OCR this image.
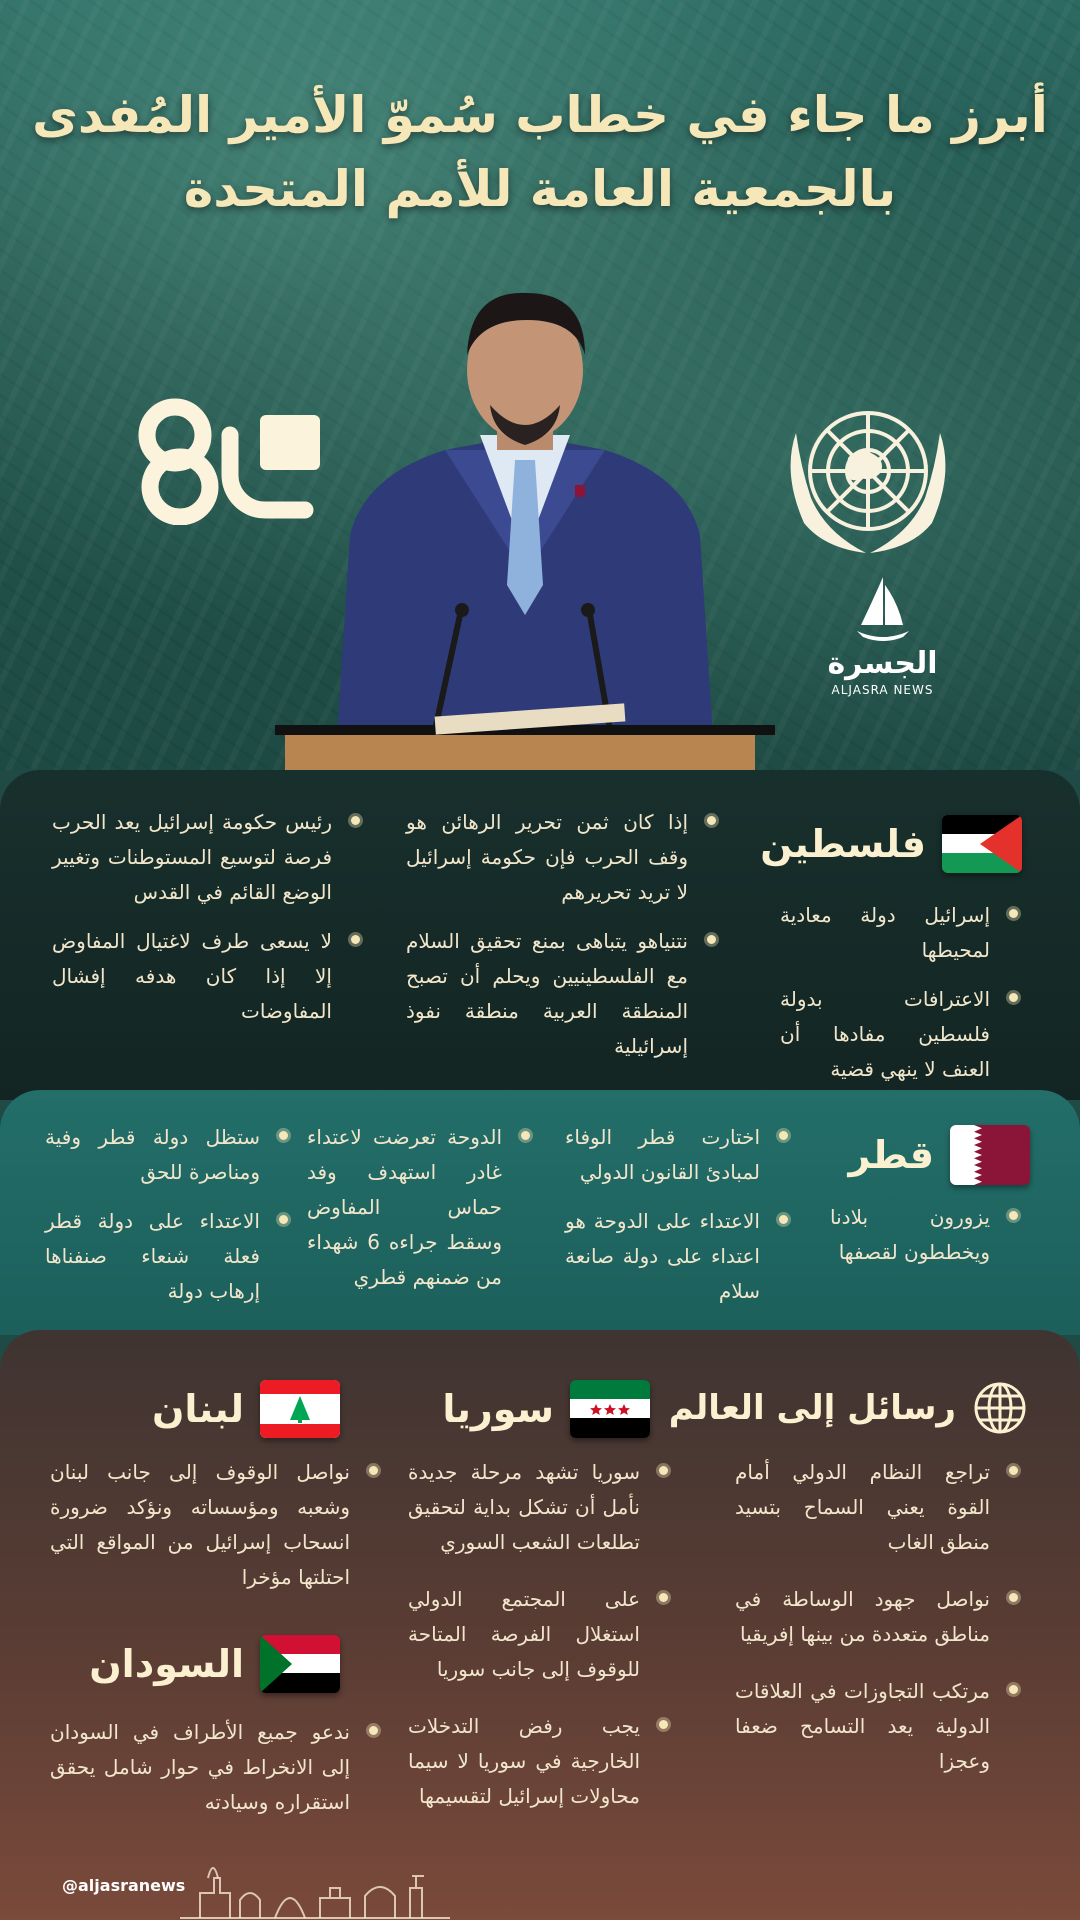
أبرز ما جاء في خطاب سُموّ الأمير المُفدى
بالجمعية العامة للأمم المتحدة
الجسرة
ALJASRA NEWS
فلسطين

إسرائيل دولة معادية لمحيطها

الاعترافات بدولة فلسطين مفادها أن العنف لا ينهي قضية

إذا كان ثمن تحرير الرهائن هو وقف الحرب فإن حكومة إسرائيل لا تريد تحريرهم

نتنياهو يتباهى بمنع تحقيق السلام مع الفلسطينيين ويحلم أن تصبح المنطقة العربية منطقة نفوذ إسرائيلية

رئيس حكومة إسرائيل يعد الحرب فرصة لتوسيع المستوطنات وتغيير الوضع القائم في القدس

لا يسعى طرف لاغتيال المفاوض إلا إذا كان هدفه إفشال المفاوضات

قطر

يزورون بلادنا ويخططون لقصفها

اختارت قطر الوفاء لمبادئ القانون الدولي

الاعتداء على الدوحة هو اعتداء على دولة صانعة سلام

الدوحة تعرضت لاعتداء غادر استهدف وفد حماس المفاوض وسقط جراءه 6 شهداء من ضمنهم قطري

ستظل دولة قطر وفية ومناصرة للحق

الاعتداء على دولة قطر فعلة شنعاء صنفناها إرهاب دولة

رسائل إلى العالم

تراجع النظام الدولي أمام القوة يعني السماح بتسيد منطق الغاب

نواصل جهود الوساطة في مناطق متعددة من بينها إفريقيا

مرتكب التجاوزات في العلاقات الدولية يعد التسامح ضعفا وعجزا

سوريا

سوريا تشهد مرحلة جديدة نأمل أن تشكل بداية لتحقيق تطلعات الشعب السوري

على المجتمع الدولي استغلال الفرصة المتاحة للوقوف إلى جانب سوريا

يجب رفض التدخلات الخارجية في سوريا لا سيما محاولات إسرائيل لتقسيمها

لبنان

نواصل الوقوف إلى جانب لبنان وشعبه ومؤسساته ونؤكد ضرورة انسحاب إسرائيل من المواقع التي احتلتها مؤخرا

السودان

ندعو جميع الأطراف في السودان إلى الانخراط في حوار شامل يحقق استقراره وسيادته

@aljasranews
